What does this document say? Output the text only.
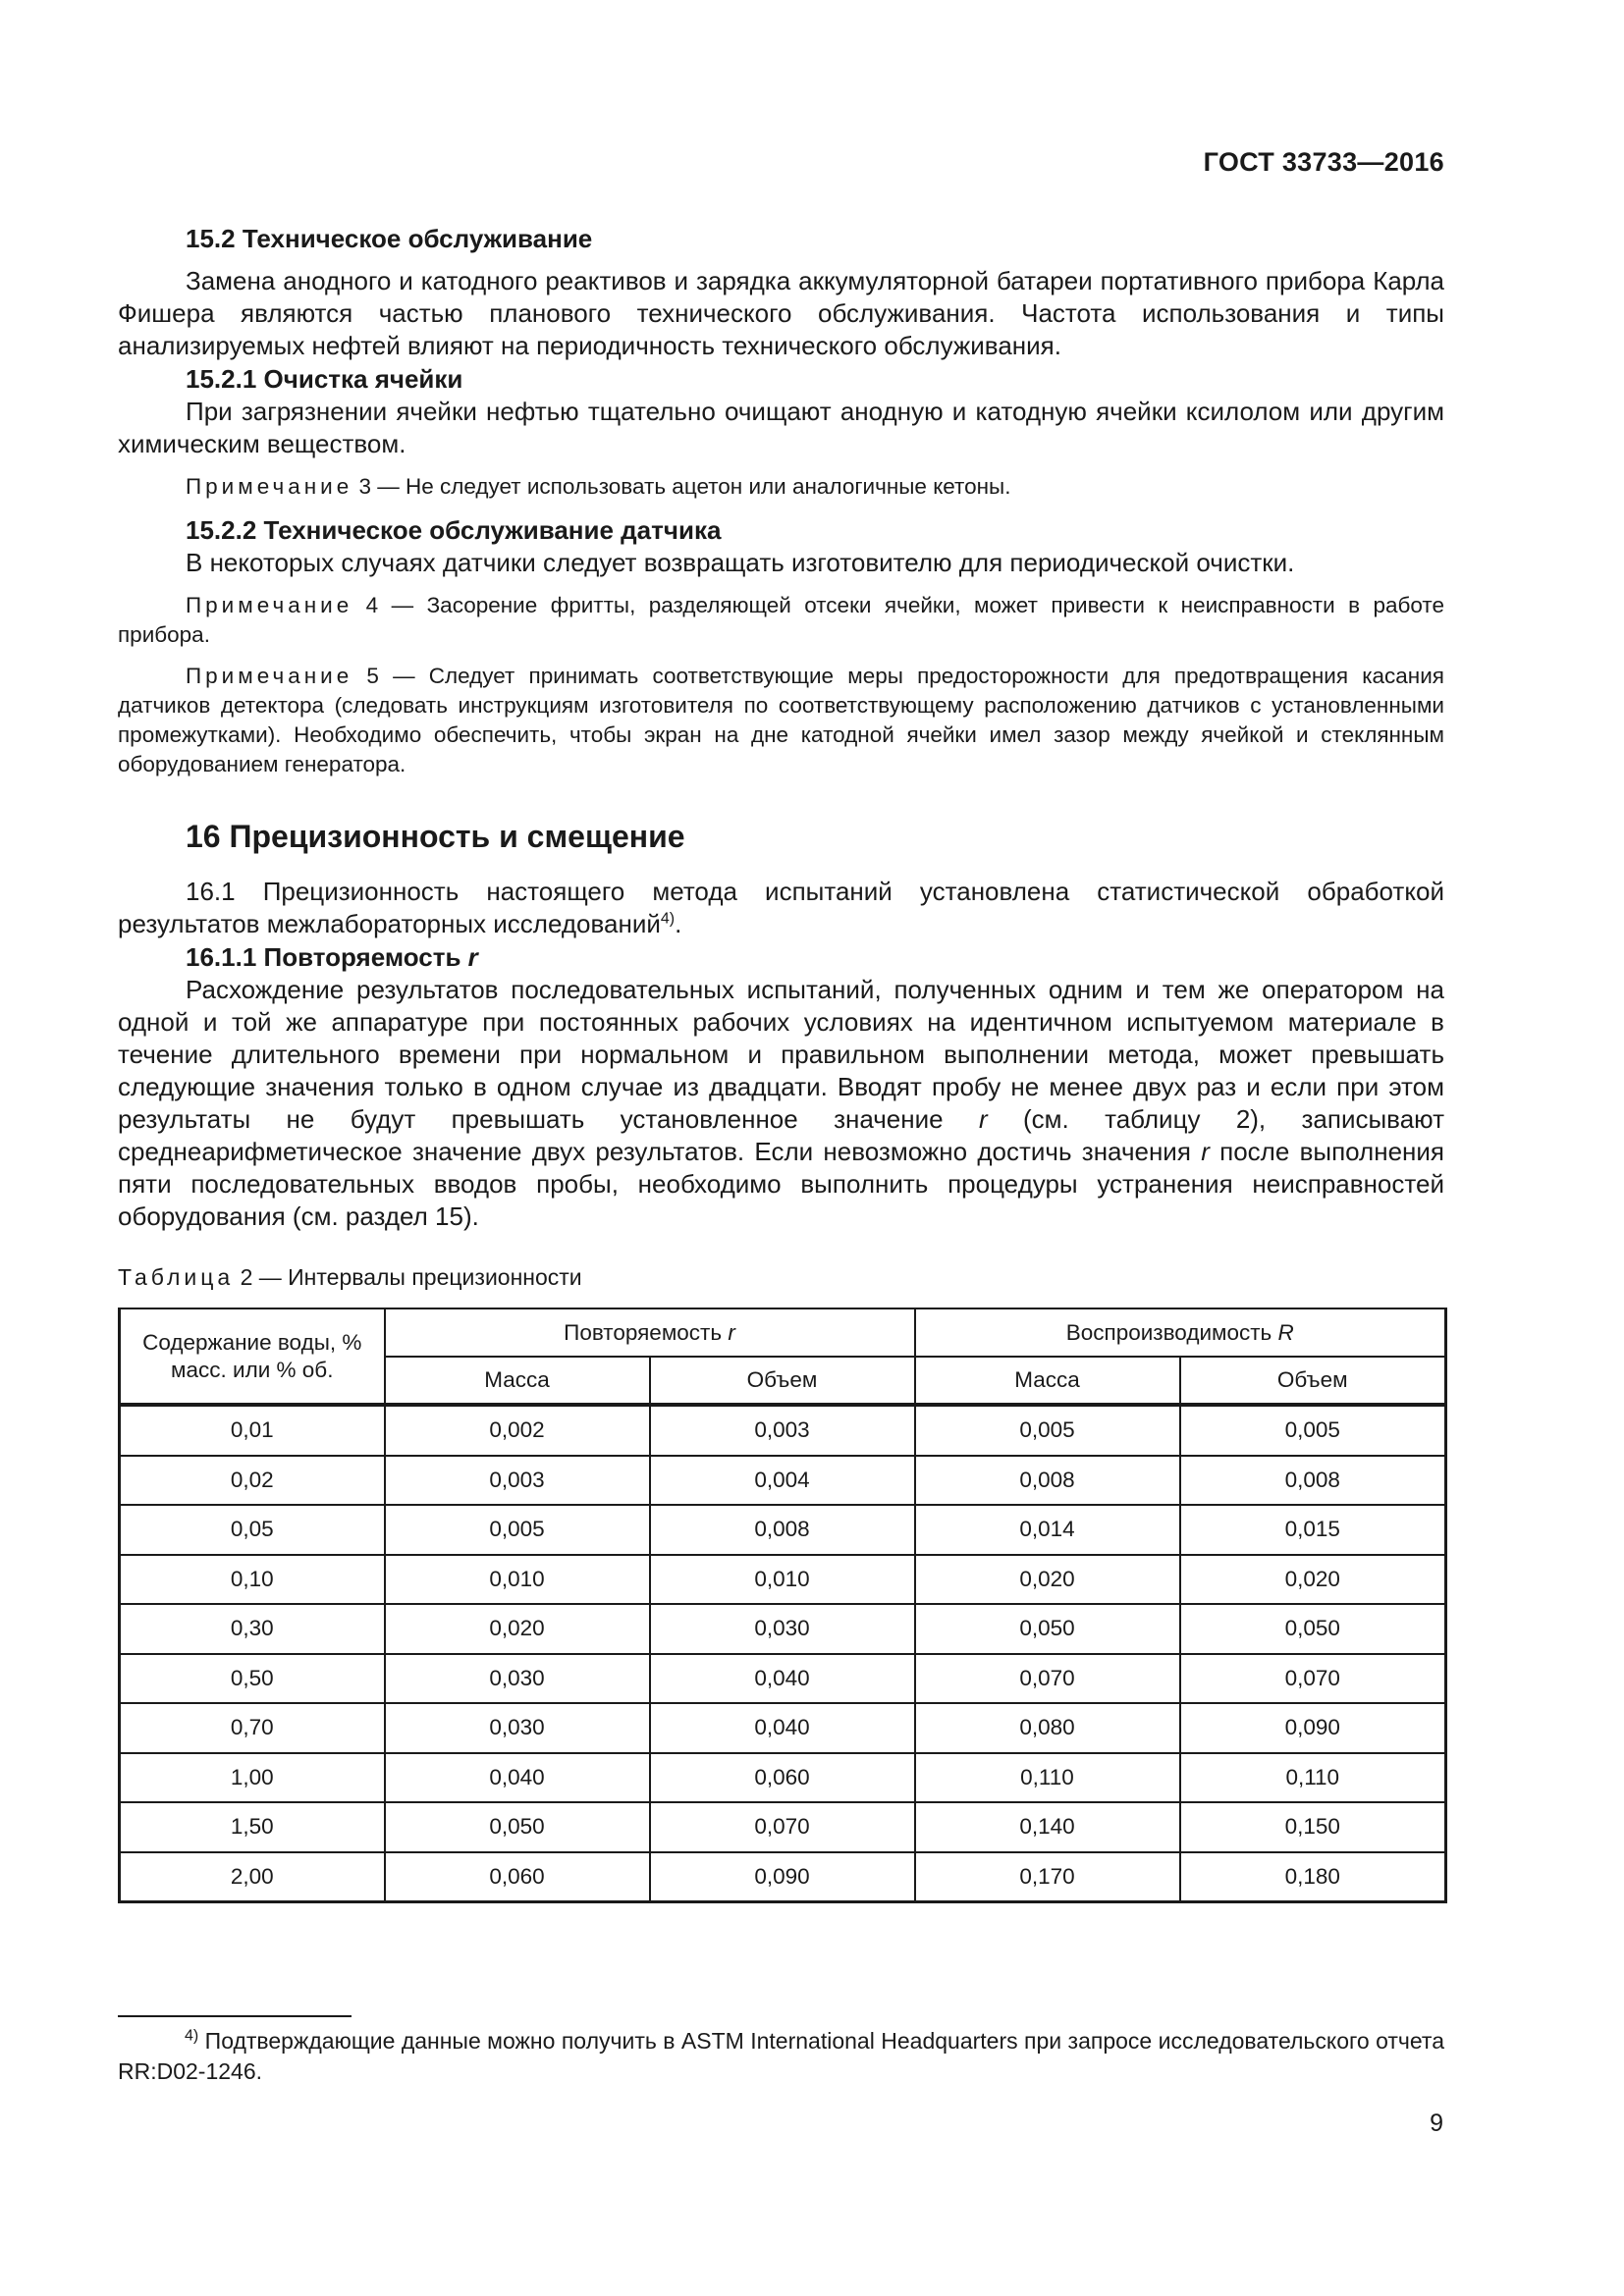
ГОСТ 33733—2016

15.2 Техническое обслуживание

Замена анодного и катодного реактивов и зарядка аккумуляторной батареи портативного прибора Карла Фишера являются частью планового технического обслуживания. Частота использования и типы анализируемых нефтей влияют на периодичность технического обслуживания.

15.2.1 Очистка ячейки

При загрязнении ячейки нефтью тщательно очищают анодную и катодную ячейки ксилолом или другим химическим веществом.

Примечание 3 — Не следует использовать ацетон или аналогичные кетоны.

15.2.2 Техническое обслуживание датчика

В некоторых случаях датчики следует возвращать изготовителю для периодической очистки.

Примечание 4 — Засорение фритты, разделяющей отсеки ячейки, может привести к неисправности в работе прибора.

Примечание 5 — Следует принимать соответствующие меры предосторожности для предотвращения касания датчиков детектора (следовать инструкциям изготовителя по соответствующему расположению датчиков с установленными промежутками). Необходимо обеспечить, чтобы экран на дне катодной ячейки имел зазор между ячейкой и стеклянным оборудованием генератора.

16 Прецизионность и смещение

16.1 Прецизионность настоящего метода испытаний установлена статистической обработкой результатов межлабораторных исследований$^{4)}$.

16.1.1 Повторяемость r

Расхождение результатов последовательных испытаний, полученных одним и тем же оператором на одной и той же аппаратуре при постоянных рабочих условиях на идентичном испытуемом материале в течение длительного времени при нормальном и правильном выполнении метода, может превышать следующие значения только в одном случае из двадцати. Вводят пробу не менее двух раз и если при этом результаты не будут превышать установленное значение r (см. таблицу 2), записывают среднеарифметическое значение двух результатов. Если невозможно достичь значения r после выполнения пяти последовательных вводов пробы, необходимо выполнить процедуры устранения неисправностей оборудования (см. раздел 15).

Таблица 2 — Интервалы прецизионности

Содержание воды, % масс. или % об.	Повторяемость r		Воспроизводимость R	
	Масса	Объем	Масса	Объем
0,01	0,002	0,003	0,005	0,005
0,02	0,003	0,004	0,008	0,008
0,05	0,005	0,008	0,014	0,015
0,10	0,010	0,010	0,020	0,020
0,30	0,020	0,030	0,050	0,050
0,50	0,030	0,040	0,070	0,070
0,70	0,030	0,040	0,080	0,090
1,00	0,040	0,060	0,110	0,110
1,50	0,050	0,070	0,140	0,150
2,00	0,060	0,090	0,170	0,180

$^{4)}$ Подтверждающие данные можно получить в ASTM International Headquarters при запросе исследовательского отчета RR:D02-1246.

9
